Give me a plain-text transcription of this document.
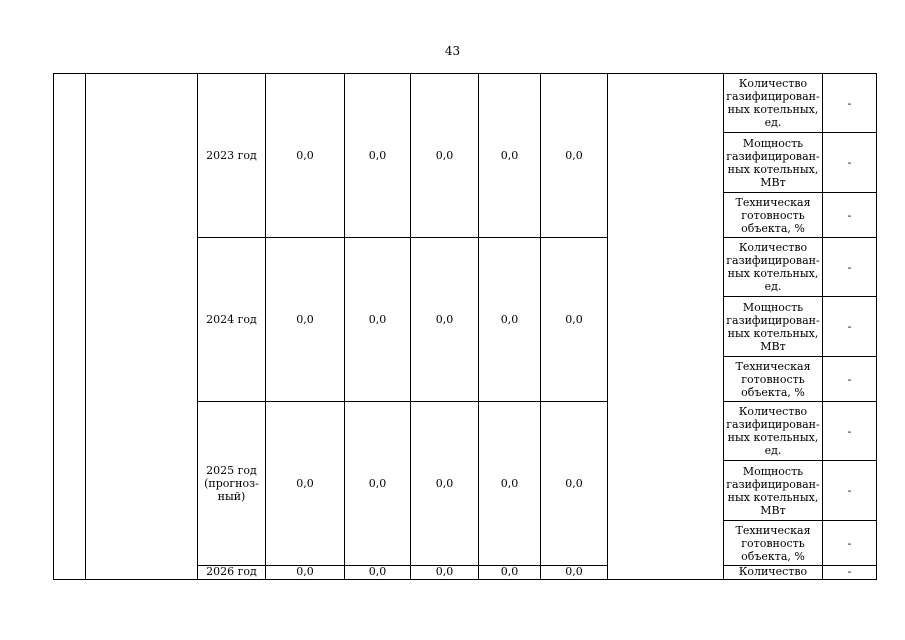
43

		2023 год	0,0	0,0	0,0	0,0	0,0		Количество газифицирован-ных котельных, ед.	-
									Мощность газифицирован-ных котельных, МВт	-
									Техническая готовность объекта, %	-

		2024 год	0,0	0,0	0,0	0,0	0,0		Количество газифицирован-ных котельных, ед.	-
									Мощность газифицирован-ных котельных, МВт	-
									Техническая готовность объекта, %	-

		2025 год
(прогноз-
ный)	0,0	0,0	0,0	0,0	0,0		Количество газифицирован-ных котельных, ед.	-
									Мощность газифицирован-ных котельных, МВт	-
									Техническая готовность объекта, %	-

		2026 год	0,0	0,0	0,0	0,0	0,0		Количество	-
